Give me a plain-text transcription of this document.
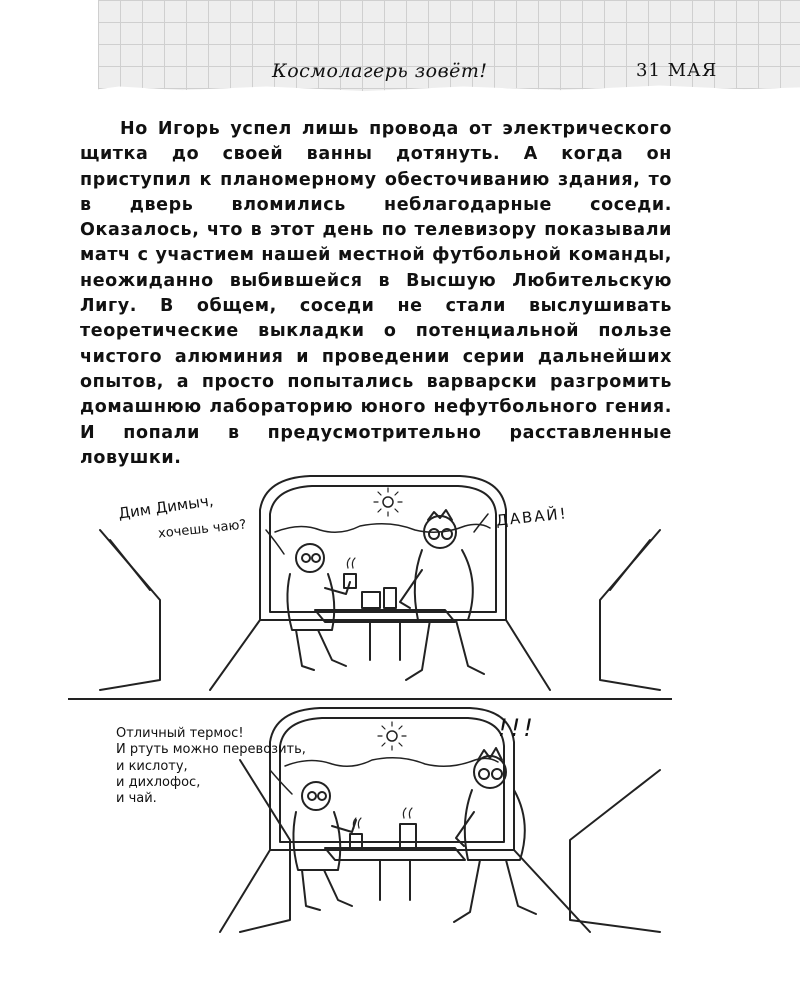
Космолагерь зовёт!	31 МАЯ

Но Игорь успел лишь провода от электрического щитка до своей ванны дотянуть. А когда он приступил к планомерному обесточиванию здания, то в дверь вломились неблагодарные соседи. Оказалось, что в этот день по телевизору показывали матч с участием нашей местной футбольной команды, неожиданно выбившейся в Высшую Любительскую Лигу. В общем, соседи не стали выслушивать теоретические выкладки о потенциальной пользе чистого алюминия и проведении серии дальнейших опытов, а просто попытались варварски разгромить домашнюю лабораторию юного нефутбольного гения. И попали в предусмотрительно расставленные ловушки.

Дим Димыч,
хочешь чаю?	ДАВАЙ!
Отличный термос!
И ртуть можно перевозить,
и кислоту,
и дихлофос,
и чай.
!!!
